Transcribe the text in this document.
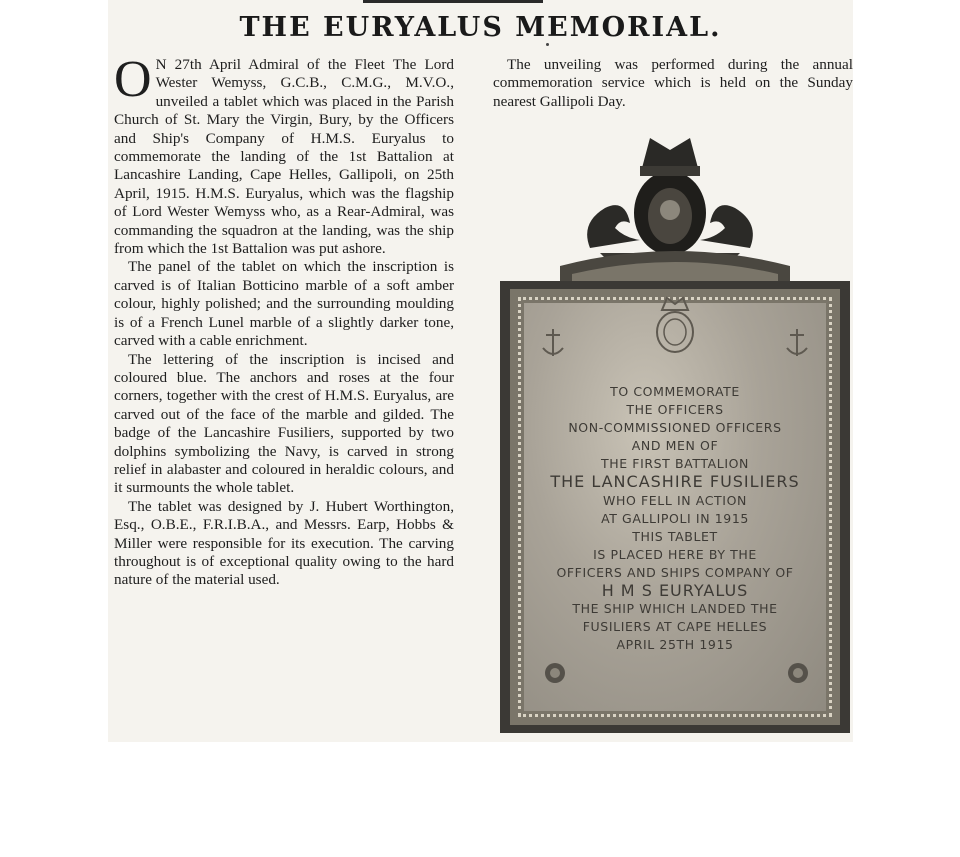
THE EURYALUS MEMORIAL.

O N 27th April Admiral of the Fleet The Lord Wester Wemyss, G.C.B., C.M.G., M.V.O., unveiled a tablet which was placed in the Parish Church of St. Mary the Virgin, Bury, by the Officers and Ship's Company of H.M.S. Euryalus to commemorate the landing of the 1st Battalion at Lancashire Landing, Cape Helles, Gallipoli, on 25th April, 1915. H.M.S. Euryalus, which was the flagship of Lord Wester Wemyss who, as a Rear-Admiral, was commanding the squadron at the landing, was the ship from which the 1st Battalion was put ashore.

The panel of the tablet on which the inscription is carved is of Italian Botticino marble of a soft amber colour, highly polished; and the surrounding moulding is of a French Lunel marble of a slightly darker tone, carved with a cable enrichment.

The lettering of the inscription is incised and coloured blue. The anchors and roses at the four corners, together with the crest of H.M.S. Euryalus, are carved out of the face of the marble and gilded. The badge of the Lancashire Fusiliers, supported by two dolphins symbolizing the Navy, is carved in strong relief in alabaster and coloured in heraldic colours, and it surmounts the whole tablet.

The tablet was designed by J. Hubert Worthington, Esq., O.B.E., F.R.I.B.A., and Messrs. Earp, Hobbs & Miller were responsible for its execution. The carving throughout is of exceptional quality owing to the hard nature of the material used.

The unveiling was performed during the annual commemoration service which is held on the Sunday nearest Gallipoli Day.

TO COMMEMORATE
THE OFFICERS
NON-COMMISSIONED OFFICERS
AND MEN OF
THE FIRST BATTALION
THE LANCASHIRE FUSILIERS
WHO FELL IN ACTION
AT GALLIPOLI IN 1915
THIS TABLET
IS PLACED HERE BY THE
OFFICERS AND SHIPS COMPANY OF
H M S EURYALUS
THE SHIP WHICH LANDED THE
FUSILIERS AT CAPE HELLES
APRIL 25TH 1915
